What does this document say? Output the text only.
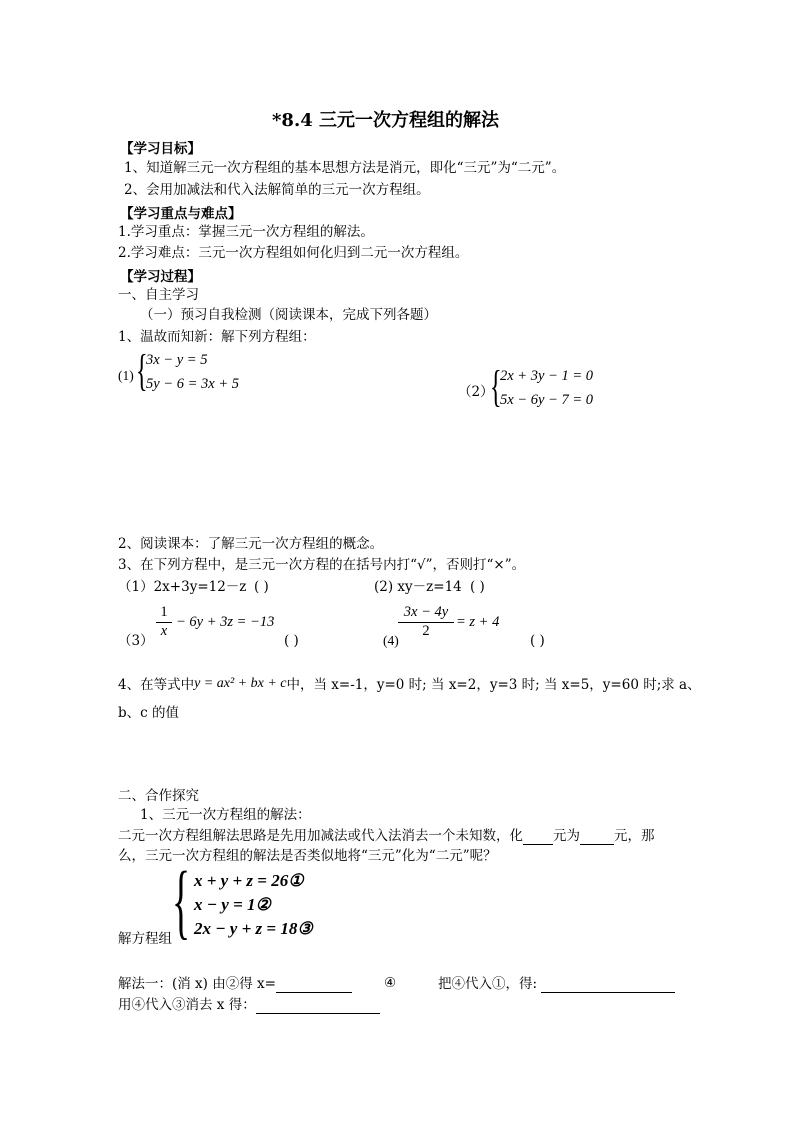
*8.4 三元一次方程组的解法
【学习目标】
1、知道解三元一次方程组的基本思想方法是消元，即化“三元”为“二元”。
2、会用加减法和代入法解简单的三元一次方程组。
【学习重点与难点】
1.学习重点：掌握三元一次方程组的解法。
2.学习难点：三元一次方程组如何化归到二元一次方程组。
【学习过程】
一、自主学习
（一）预习自我检测（阅读课本，完成下列各题）
1、温故而知新：解下列方程组：
(1) {
3x − y = 5
5y − 6 = 3x + 5	（2）
{
2x + 3y − 1 = 0
5x − 6y − 7 = 0
2、阅读课本：了解三元一次方程组的概念。
3、在下列方程中，是三元一次方程的在括号内打“√”，否则打“×”。
（1）2x+3y=12－z ( )	(2) xy－z=14 ( )
（3）
1
x
− 6y + 3z = −13
( )	(4)
3x − 4y
2
= z + 4
( )
4、在等式中y = ax² + bx + c中，当 x=-1，y=0 时; 当 x=2，y=3 时; 当 x=5，y=60 时;求 a、
b、c 的值
二、合作探究
1、三元一次方程组的解法：
二元一次方程组解法思路是先用加减法或代入法消去一个未知数，化 元为	元，那
么，三元一次方程组的解法是否类似地将“三元”化为“二元”呢？
{ x + y + z = 26①
x − y = 1②
2x − y + z = 18③
解方程组
解法一：(消 x) 由②得 x=	④	把④代入①，得:
用④代入③消去 x 得：
